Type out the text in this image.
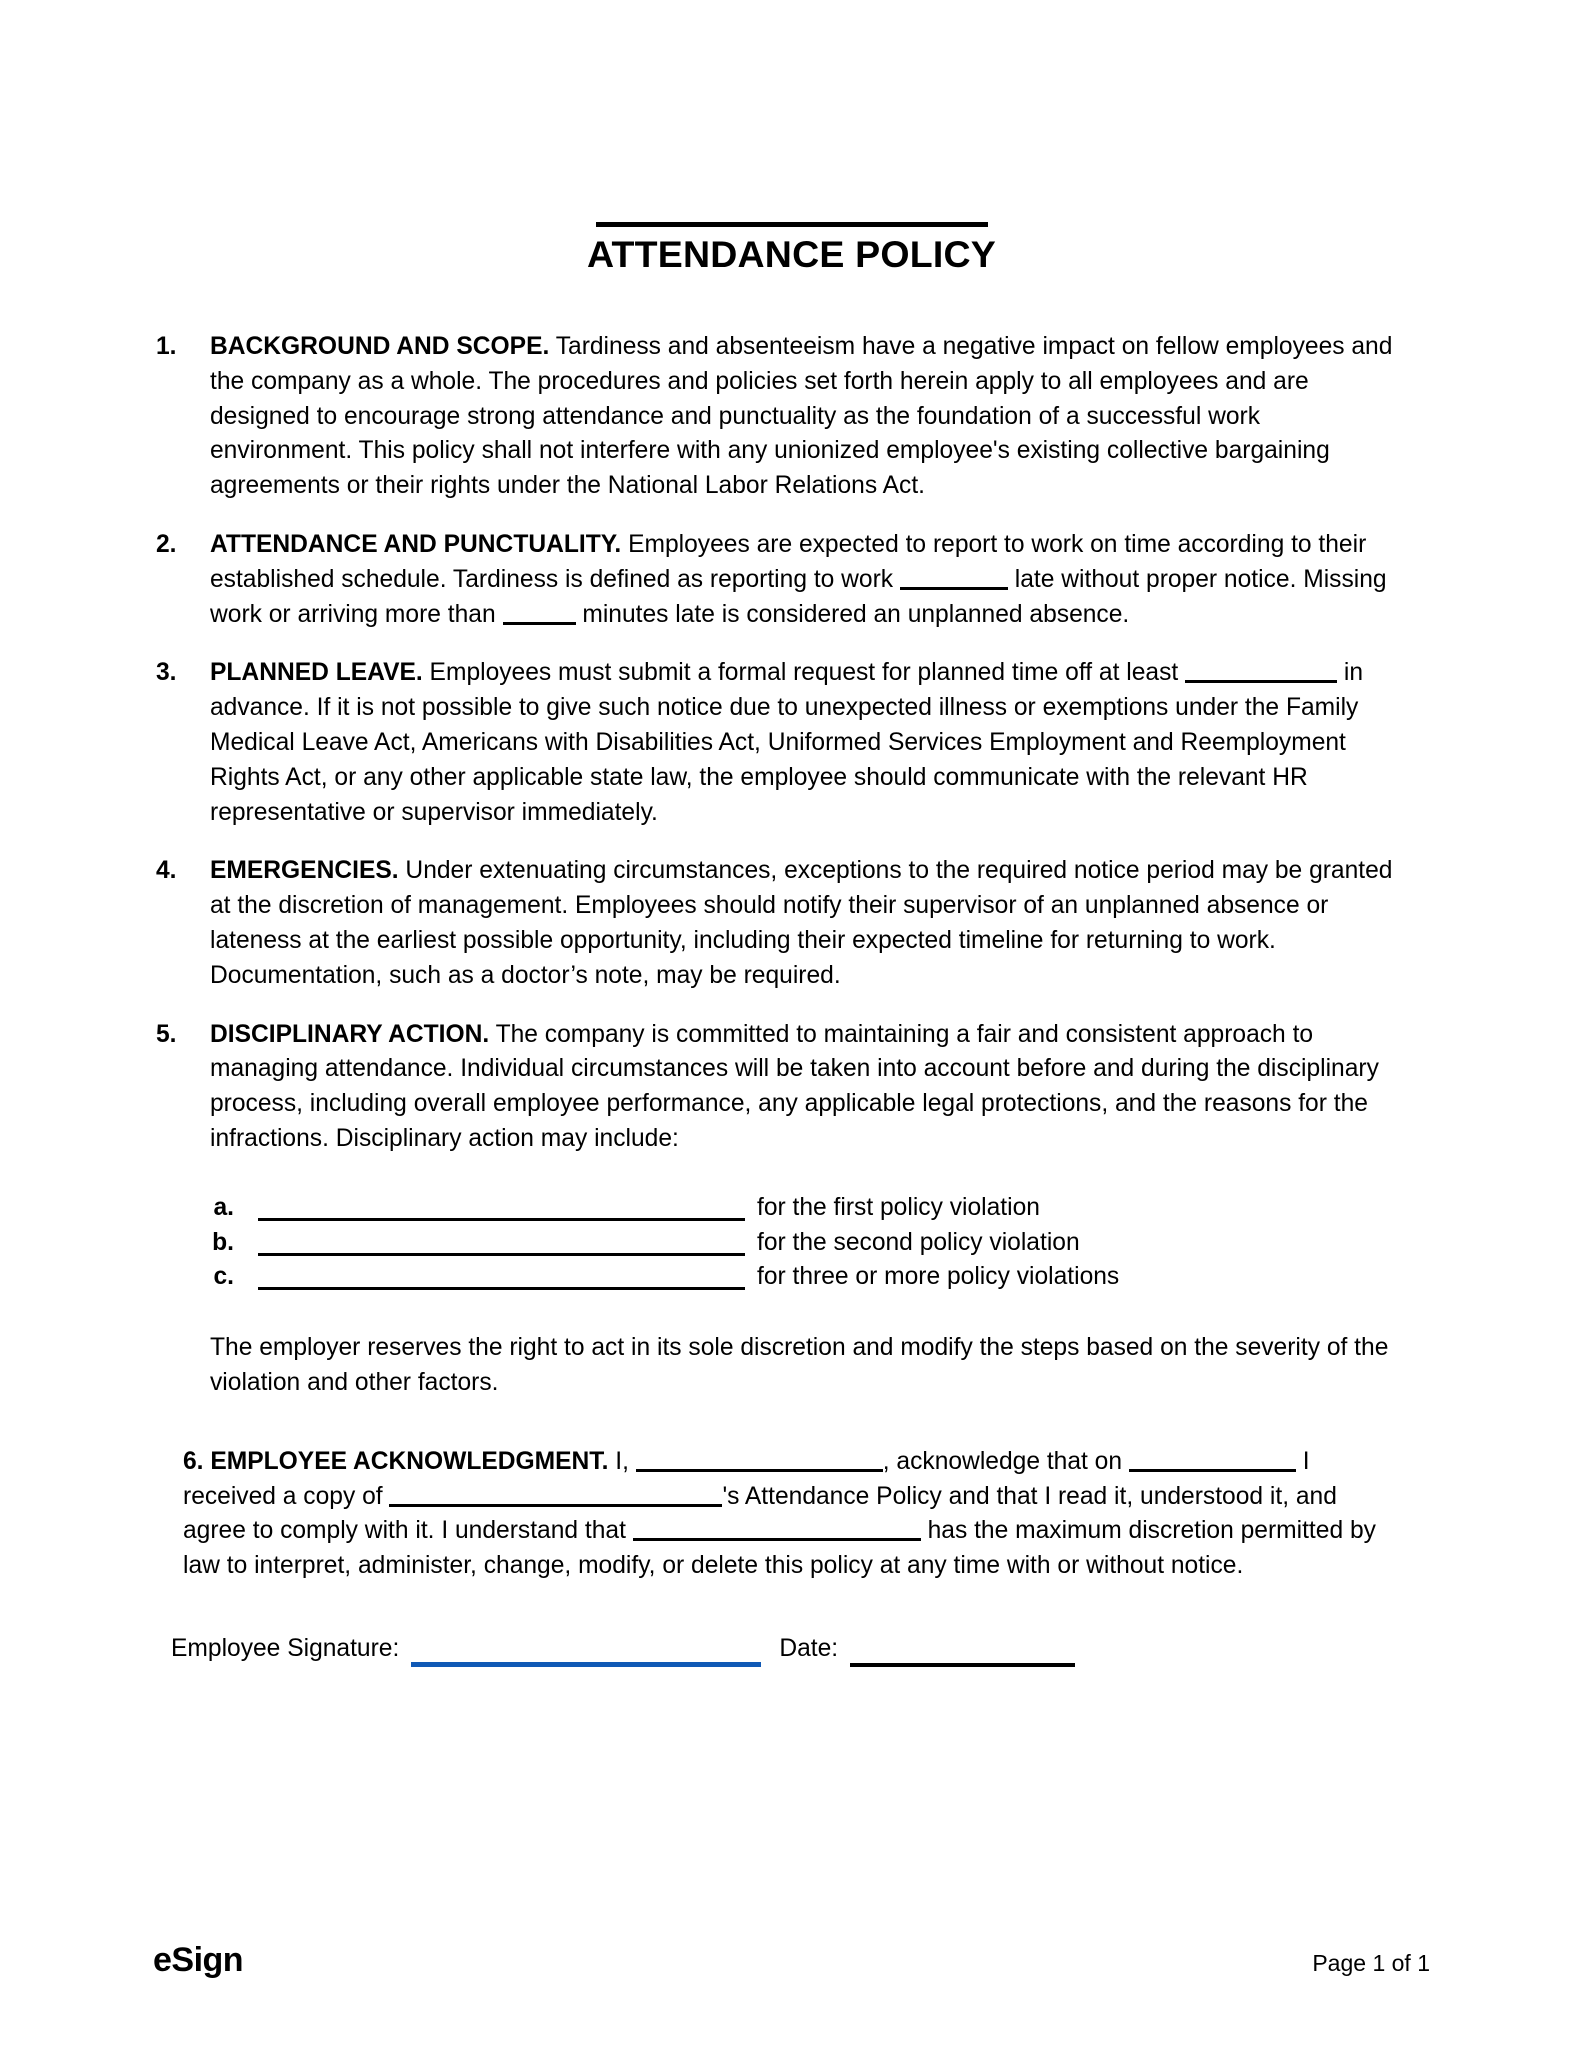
ATTENDANCE POLICY
1.	BACKGROUND AND SCOPE. Tardiness and absenteeism have a negative impact on fellow employees and the company as a whole. The procedures and policies set forth herein apply to all employees and are designed to encourage strong attendance and punctuality as the foundation of a successful work environment. This policy shall not interfere with any unionized employee's existing collective bargaining agreements or their rights under the National Labor Relations Act.
2.	ATTENDANCE AND PUNCTUALITY. Employees are expected to report to work on time according to their established schedule. Tardiness is defined as reporting to work	late without proper notice. Missing work or arriving more than	minutes late is considered an unplanned absence.
3.	PLANNED LEAVE. Employees must submit a formal request for planned time off at least	in advance. If it is not possible to give such notice due to unexpected illness or exemptions under the Family Medical Leave Act, Americans with Disabilities Act, Uniformed Services Employment and Reemployment Rights Act, or any other applicable state law, the employee should communicate with the relevant HR representative or supervisor immediately.
4.	EMERGENCIES. Under extenuating circumstances, exceptions to the required notice period may be granted at the discretion of management. Employees should notify their supervisor of an unplanned absence or lateness at the earliest possible opportunity, including their expected timeline for returning to work. Documentation, such as a doctor’s note, may be required.
5.	DISCIPLINARY ACTION. The company is committed to maintaining a fair and consistent approach to managing attendance. Individual circumstances will be taken into account before and during the disciplinary process, including overall employee performance, any applicable legal protections, and the reasons for the infractions. Disciplinary action may include:
a.	for the first policy violation
b.	for the second policy violation
c.	for three or more policy violations
The employer reserves the right to act in its sole discretion and modify the steps based on the severity of the violation and other factors.

6. EMPLOYEE ACKNOWLEDGMENT. I,	, acknowledge that on	I received a copy of	's Attendance Policy and that I read it, understood it, and agree to comply with it. I understand that	has the maximum discretion permitted by law to interpret, administer, change, modify, or delete this policy at any time with or without notice.

Employee Signature:	Date:
eSign	Page 1 of 1
